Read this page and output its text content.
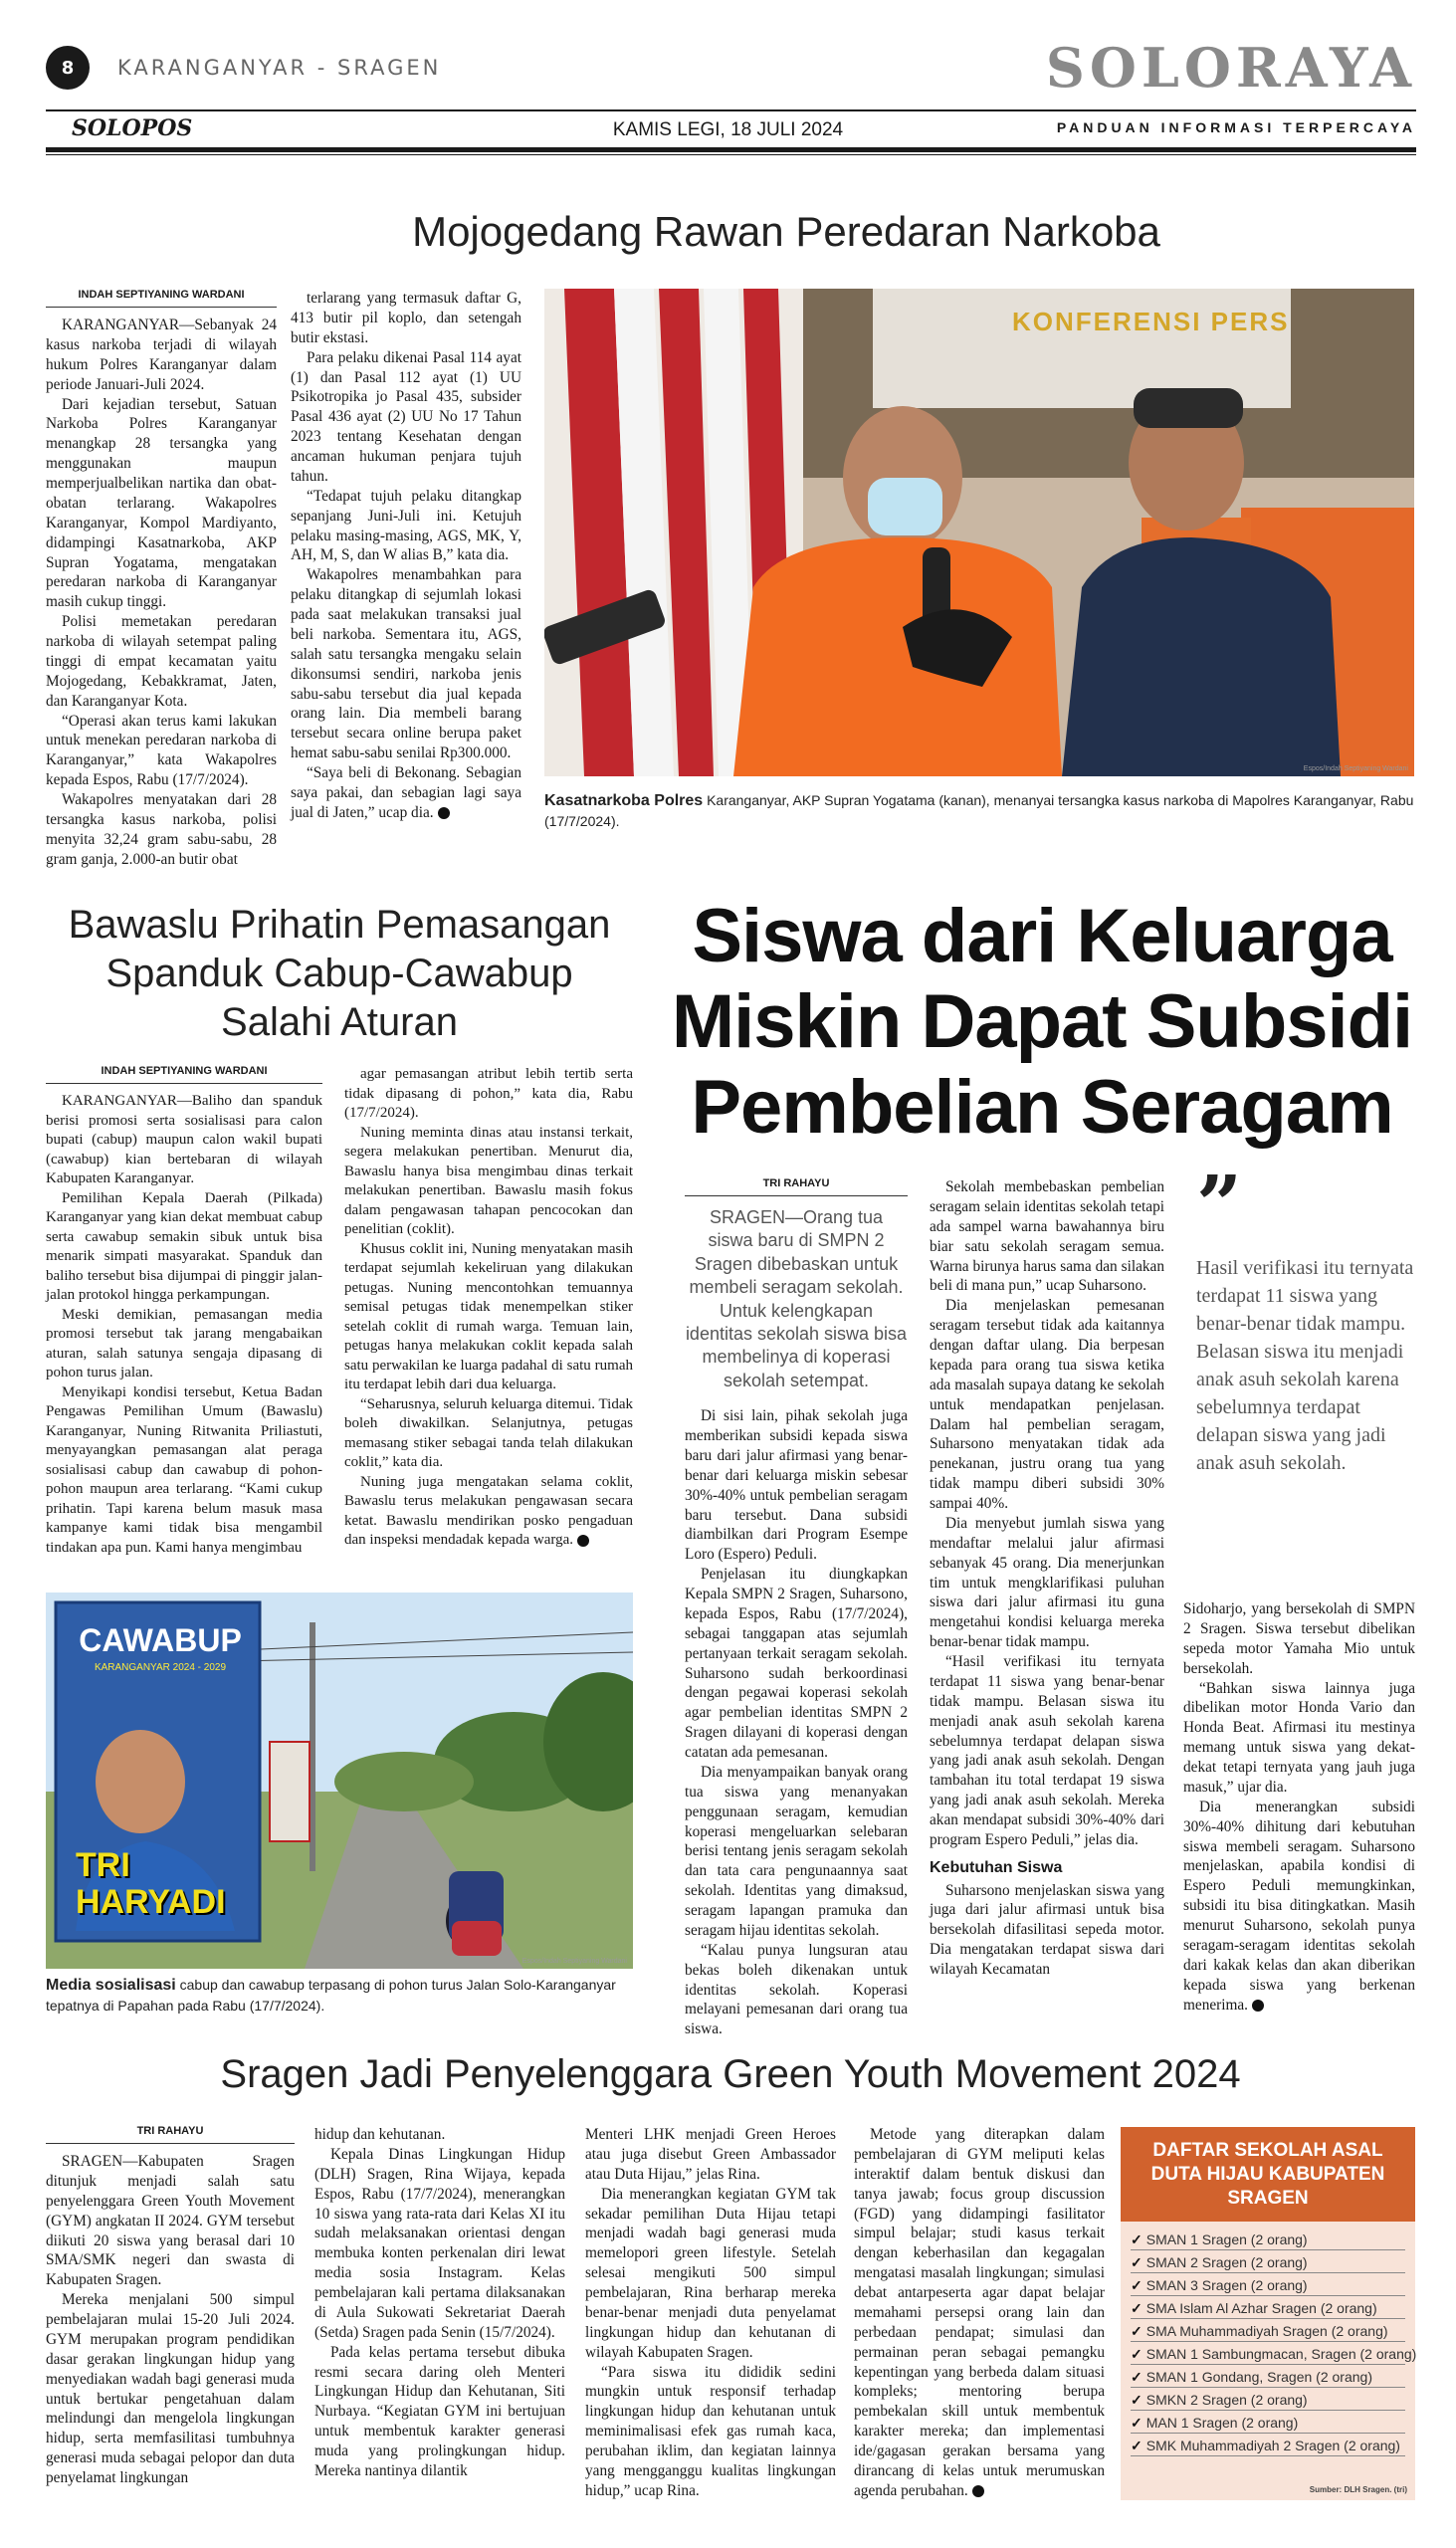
8	KARANGANYAR - SRAGEN	SOLORAYA
SOLOPOS	KAMIS LEGI, 18 JULI 2024	PANDUAN INFORMASI TERPERCAYA
Mojogedang Rawan Peredaran Narkoba
INDAH SEPTIYANING WARDANI

KARANGANYAR—Sebanyak 24 kasus narkoba terjadi di wilayah hukum Polres Karanganyar dalam periode Januari-Juli 2024.

Dari kejadian tersebut, Satuan Narkoba Polres Karanganyar menangkap 28 tersangka yang menggunakan maupun memperjualbelikan nartika dan obat-obatan terlarang. Wakapolres Karanganyar, Kompol Mardiyanto, didampingi Kasatnarkoba, AKP Supran Yogatama, mengatakan peredaran narkoba di Karanganyar masih cukup tinggi.

Polisi memetakan peredaran narkoba di wilayah setempat paling tinggi di empat kecamatan yaitu Mojogedang, Kebakkramat, Jaten, dan Karanganyar Kota.

“Operasi akan terus kami lakukan untuk menekan peredaran narkoba di Karanganyar,” kata Wakapolres kepada Espos, Rabu (17/7/2024).

Wakapolres menyatakan dari 28 tersangka kasus narkoba, polisi menyita 32,24 gram sabu-sabu, 28 gram ganja, 2.000-an butir obat

terlarang yang termasuk daftar G, 413 butir pil koplo, dan setengah butir ekstasi.

Para pelaku dikenai Pasal 114 ayat (1) dan Pasal 112 ayat (1) UU Psikotropika jo Pasal 435, subsider Pasal 436 ayat (2) UU No 17 Tahun 2023 tentang Kesehatan dengan ancaman hukuman penjara tujuh tahun.

“Tedapat tujuh pelaku ditangkap sepanjang Juni-Juli ini. Ketujuh pelaku masing-masing, AGS, MK, Y, AH, M, S, dan W alias B,” kata dia.

Wakapolres menambahkan para pelaku ditangkap di sejumlah lokasi pada saat melakukan transaksi jual beli narkoba. Sementara itu, AGS, salah satu tersangka mengaku selain dikonsumsi sendiri, narkoba jenis sabu-sabu tersebut dia jual kepada orang lain. Dia membeli barang tersebut secara online berupa paket hemat sabu-sabu senilai Rp300.000.

“Saya beli di Bekonang. Sebagian saya pakai, dan sebagian lagi saya jual di Jaten,” ucap dia.

KONFERENSI PERS
Espos/Indah Septiyaning Wardani
Kasatnarkoba Polres Karanganyar, AKP Supran Yogatama (kanan), menanyai tersangka kasus narkoba di Mapolres Karanganyar, Rabu (17/7/2024).
Bawaslu Prihatin Pemasangan Spanduk Cabup-Cawabup Salahi Aturan
INDAH SEPTIYANING WARDANI

KARANGANYAR—Baliho dan spanduk berisi promosi serta sosialisasi para calon bupati (cabup) maupun calon wakil bupati (cawabup) kian bertebaran di wilayah Kabupaten Karanganyar.

Pemilihan Kepala Daerah (Pilkada) Karanganyar yang kian dekat membuat cabup serta cawabup semakin sibuk untuk bisa menarik simpati masyarakat. Spanduk dan baliho tersebut bisa dijumpai di pinggir jalan-jalan protokol hingga perkampungan.

Meski demikian, pemasangan media promosi tersebut tak jarang mengabaikan aturan, salah satunya sengaja dipasang di pohon turus jalan.

Menyikapi kondisi tersebut, Ketua Badan Pengawas Pemilihan Umum (Bawaslu) Karanganyar, Nuning Ritwanita Priliastuti, menyayangkan pemasangan alat peraga sosialisasi cabup dan cawabup di pohon-pohon maupun area terlarang. “Kami cukup prihatin. Tapi karena belum masuk masa kampanye kami tidak bisa mengambil tindakan apa pun. Kami hanya mengimbau

agar pemasangan atribut lebih tertib serta tidak dipasang di pohon,” kata dia, Rabu (17/7/2024).

Nuning meminta dinas atau instansi terkait, segera melakukan penertiban. Menurut dia, Bawaslu hanya bisa mengimbau dinas terkait melakukan penertiban. Bawaslu masih fokus dalam pengawasan tahapan pencocokan dan penelitian (coklit).

Khusus coklit ini, Nuning menyatakan masih terdapat sejumlah kekeliruan yang dilakukan petugas. Nuning mencontohkan temuannya semisal petugas tidak menempelkan stiker setelah coklit di rumah warga. Temuan lain, petugas hanya melakukan coklit kepada salah satu perwakilan ke luarga padahal di satu rumah itu terdapat lebih dari dua keluarga.

“Seharusnya, seluruh keluarga ditemui. Tidak boleh diwakilkan. Selanjutnya, petugas memasang stiker sebagai tanda telah dilakukan coklit,” kata dia.

Nuning juga mengatakan selama coklit, Bawaslu terus melakukan pengawasan secara ketat. Bawaslu mendirikan posko pengaduan dan inspeksi mendadak kepada warga.

CAWABUP
KARANGANYAR 2024 - 2029
TRI
HARYADI
Espos/Indah Septiyaning Wardani
Media sosialisasi cabup dan cawabup terpasang di pohon turus Jalan Solo-Karanganyar tepatnya di Papahan pada Rabu (17/7/2024).
Siswa dari Keluarga Miskin Dapat Subsidi Pembelian Seragam
TRI RAHAYU
SRAGEN—Orang tua siswa baru di SMPN 2 Sragen dibebaskan untuk membeli seragam sekolah. Untuk kelengkapan identitas sekolah siswa bisa membelinya di koperasi sekolah setempat.

Di sisi lain, pihak sekolah juga memberikan subsidi kepada siswa baru dari jalur afirmasi yang benar-benar dari keluarga miskin sebesar 30%-40% untuk pembelian seragam baru tersebut. Dana subsidi diambilkan dari Program Esempe Loro (Espero) Peduli.

Penjelasan itu diungkapkan Kepala SMPN 2 Sragen, Suharsono, kepada Espos, Rabu (17/7/2024), sebagai tanggapan atas sejumlah pertanyaan terkait seragam sekolah. Suharsono sudah berkoordinasi dengan pegawai koperasi sekolah agar pembelian identitas SMPN 2 Sragen dilayani di koperasi dengan catatan ada pemesanan.

Dia menyampaikan banyak orang tua siswa yang menanyakan penggunaan seragam, kemudian koperasi mengeluarkan selebaran berisi tentang jenis seragam sekolah dan tata cara pengunaannya saat sekolah. Identitas yang dimaksud, seragam lapangan pramuka dan seragam hijau identitas sekolah.

“Kalau punya lungsuran atau bekas boleh dikenakan untuk identitas sekolah. Koperasi melayani pemesanan dari orang tua siswa.

Sekolah membebaskan pembelian seragam selain identitas sekolah tetapi ada sampel warna bawahannya biru biar satu sekolah seragam semua. Warna birunya harus sama dan silakan beli di mana pun,” ucap Suharsono.

Dia menjelaskan pemesanan seragam tersebut tidak ada kaitannya dengan daftar ulang. Dia berpesan kepada para orang tua siswa ketika ada masalah supaya datang ke sekolah untuk mendapatkan penjelasan. Dalam hal pembelian seragam, Suharsono menyatakan tidak ada penekanan, justru orang tua yang tidak mampu diberi subsidi 30% sampai 40%.

Dia menyebut jumlah siswa yang mendaftar melalui jalur afirmasi sebanyak 45 orang. Dia menerjunkan tim untuk mengklarifikasi puluhan siswa dari jalur afirmasi itu guna mengetahui kondisi keluarga mereka benar-benar tidak mampu.

“Hasil verifikasi itu ternyata terdapat 11 siswa yang benar-benar tidak mampu. Belasan siswa itu menjadi anak asuh sekolah karena sebelumnya terdapat delapan siswa yang jadi anak asuh sekolah. Dengan tambahan itu total terdapat 19 siswa yang jadi anak asuh sekolah. Mereka akan mendapat subsidi 30%-40% dari program Espero Peduli,” jelas dia.

Kebutuhan Siswa

Suharsono menjelaskan siswa yang juga dari jalur afirmasi untuk bisa bersekolah difasilitasi sepeda motor. Dia mengatakan terdapat siswa dari wilayah Kecamatan

”
Hasil verifikasi itu ternyata terdapat 11 siswa yang benar-benar tidak mampu. Belasan siswa itu menjadi anak asuh sekolah karena sebelumnya terdapat delapan siswa yang jadi anak asuh sekolah.

Sidoharjo, yang bersekolah di SMPN 2 Sragen. Siswa tersebut dibelikan sepeda motor Yamaha Mio untuk bersekolah.

“Bahkan siswa lainnya juga dibelikan motor Honda Vario dan Honda Beat. Afirmasi itu mestinya memang untuk siswa yang dekat-dekat tetapi ternyata yang jauh juga masuk,” ujar dia.

Dia menerangkan subsidi 30%-40% dihitung dari kebutuhan siswa membeli seragam. Suharsono menjelaskan, apabila kondisi di Espero Peduli memungkinkan, subsidi itu bisa ditingkatkan. Masih menurut Suharsono, sekolah punya seragam-seragam identitas sekolah dari kakak kelas dan akan diberikan kepada siswa yang berkenan menerima.

Sragen Jadi Penyelenggara Green Youth Movement 2024
TRI RAHAYU

SRAGEN—Kabupaten Sragen ditunjuk menjadi salah satu penyelenggara Green Youth Movement (GYM) angkatan II 2024. GYM tersebut diikuti 20 siswa yang berasal dari 10 SMA/SMK negeri dan swasta di Kabupaten Sragen.

Mereka menjalani 500 simpul pembelajaran mulai 15-20 Juli 2024. GYM merupakan program pendidikan dasar gerakan lingkungan hidup yang menyediakan wadah bagi generasi muda untuk bertukar pengetahuan dalam melindungi dan mengelola lingkungan hidup, serta memfasilitasi tumbuhnya generasi muda sebagai pelopor dan duta penyelamat lingkungan

hidup dan kehutanan.

Kepala Dinas Lingkungan Hidup (DLH) Sragen, Rina Wijaya, kepada Espos, Rabu (17/7/2024), menerangkan 10 siswa yang rata-rata dari Kelas XI itu sudah melaksanakan orientasi dengan membuka konten perkenalan diri lewat media sosia Instagram. Kelas pembelajaran kali pertama dilaksanakan di Aula Sukowati Sekretariat Daerah (Setda) Sragen pada Senin (15/7/2024).

Pada kelas pertama tersebut dibuka resmi secara daring oleh Menteri Lingkungan Hidup dan Kehutanan, Siti Nurbaya. “Kegiatan GYM ini bertujuan untuk membentuk karakter generasi muda yang prolingkungan hidup. Mereka nantinya dilantik

Menteri LHK menjadi Green Heroes atau juga disebut Green Ambassador atau Duta Hijau,” jelas Rina.

Dia menerangkan kegiatan GYM tak sekadar pemilihan Duta Hijau tetapi menjadi wadah bagi generasi muda memelopori green lifestyle. Setelah selesai mengikuti 500 simpul pembelajaran, Rina berharap mereka benar-benar menjadi duta penyelamat lingkungan hidup dan kehutanan di wilayah Kabupaten Sragen.

“Para siswa itu dididik sedini mungkin untuk responsif terhadap lingkungan hidup dan kehutanan untuk meminimalisasi efek gas rumah kaca, perubahan iklim, dan kegiatan lainnya yang mengganggu kualitas lingkungan hidup,” ucap Rina.

Metode yang diterapkan dalam pembelajaran di GYM meliputi kelas interaktif dalam bentuk diskusi dan tanya jawab; focus group discussion (FGD) yang didampingi fasilitator simpul belajar; studi kasus terkait dengan keberhasilan dan kegagalan mengatasi masalah lingkungan; simulasi debat antarpeserta agar dapat belajar memahami persepsi orang lain dan perbedaan pendapat; simulasi dan permainan peran sebagai pemangku kepentingan yang berbeda dalam situasi kompleks; mentoring berupa pembekalan skill untuk membentuk karakter mereka; dan implementasi ide/gagasan gerakan bersama yang dirancang di kelas untuk merumuskan agenda perubahan.

DAFTAR SEKOLAH ASAL DUTA HIJAU KABUPATEN SRAGEN
✓ SMAN 1 Sragen (2 orang)
✓ SMAN 2 Sragen (2 orang)
✓ SMAN 3 Sragen (2 orang)
✓ SMA Islam Al Azhar Sragen (2 orang)
✓ SMA Muhammadiyah Sragen (2 orang)
✓ SMAN 1 Sambungmacan, Sragen (2 orang)
✓ SMAN 1 Gondang, Sragen (2 orang)
✓ SMKN 2 Sragen (2 orang)
✓ MAN 1 Sragen (2 orang)
✓ SMK Muhammadiyah 2 Sragen (2 orang)
Sumber: DLH Sragen. (tri)
